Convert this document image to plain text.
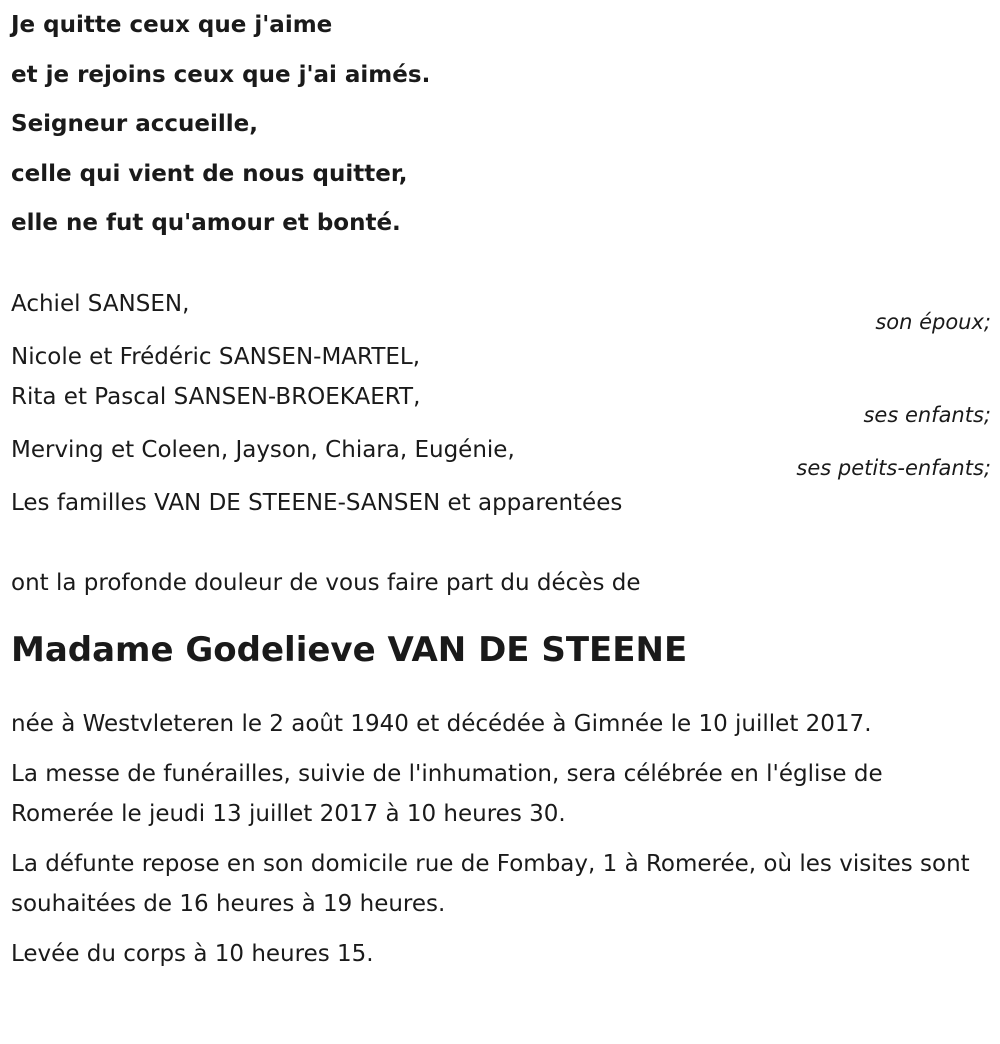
Je quitte ceux que j'aime
et je rejoins ceux que j'ai aimés.
Seigneur accueille,
celle qui vient de nous quitter,
elle ne fut qu'amour et bonté.
Achiel SANSEN,
son époux;
Nicole et Frédéric SANSEN-MARTEL,
Rita et Pascal SANSEN-BROEKAERT,
ses enfants;
Merving et Coleen, Jayson, Chiara, Eugénie,
ses petits-enfants;
Les familles VAN DE STEENE-SANSEN et apparentées
ont la profonde douleur de vous faire part du décès de
Madame Godelieve VAN DE STEENE
née à Westvleteren le 2 août 1940 et décédée à Gimnée le 10 juillet 2017.
La messe de funérailles, suivie de l'inhumation, sera célébrée en l'église de Romerée le jeudi 13 juillet 2017 à 10 heures 30.
La défunte repose en son domicile rue de Fombay, 1 à Romerée, où les visites sont souhaitées de 16 heures à 19 heures.
Levée du corps à 10 heures 15.
